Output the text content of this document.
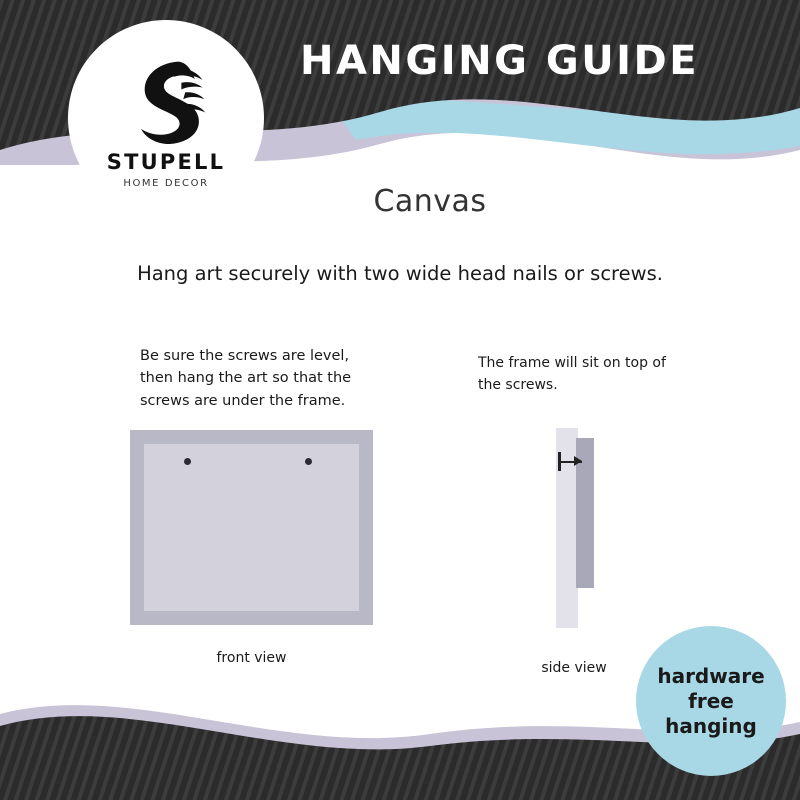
HANGING GUIDE
STUPELL
HOME DECOR
Canvas
Hang art securely with two wide head nails or screws.
Be sure the screws are level, then hang the art so that the screws are under the frame.
The frame will sit on top of the screws.
front view
side view	hardware
free
hanging
